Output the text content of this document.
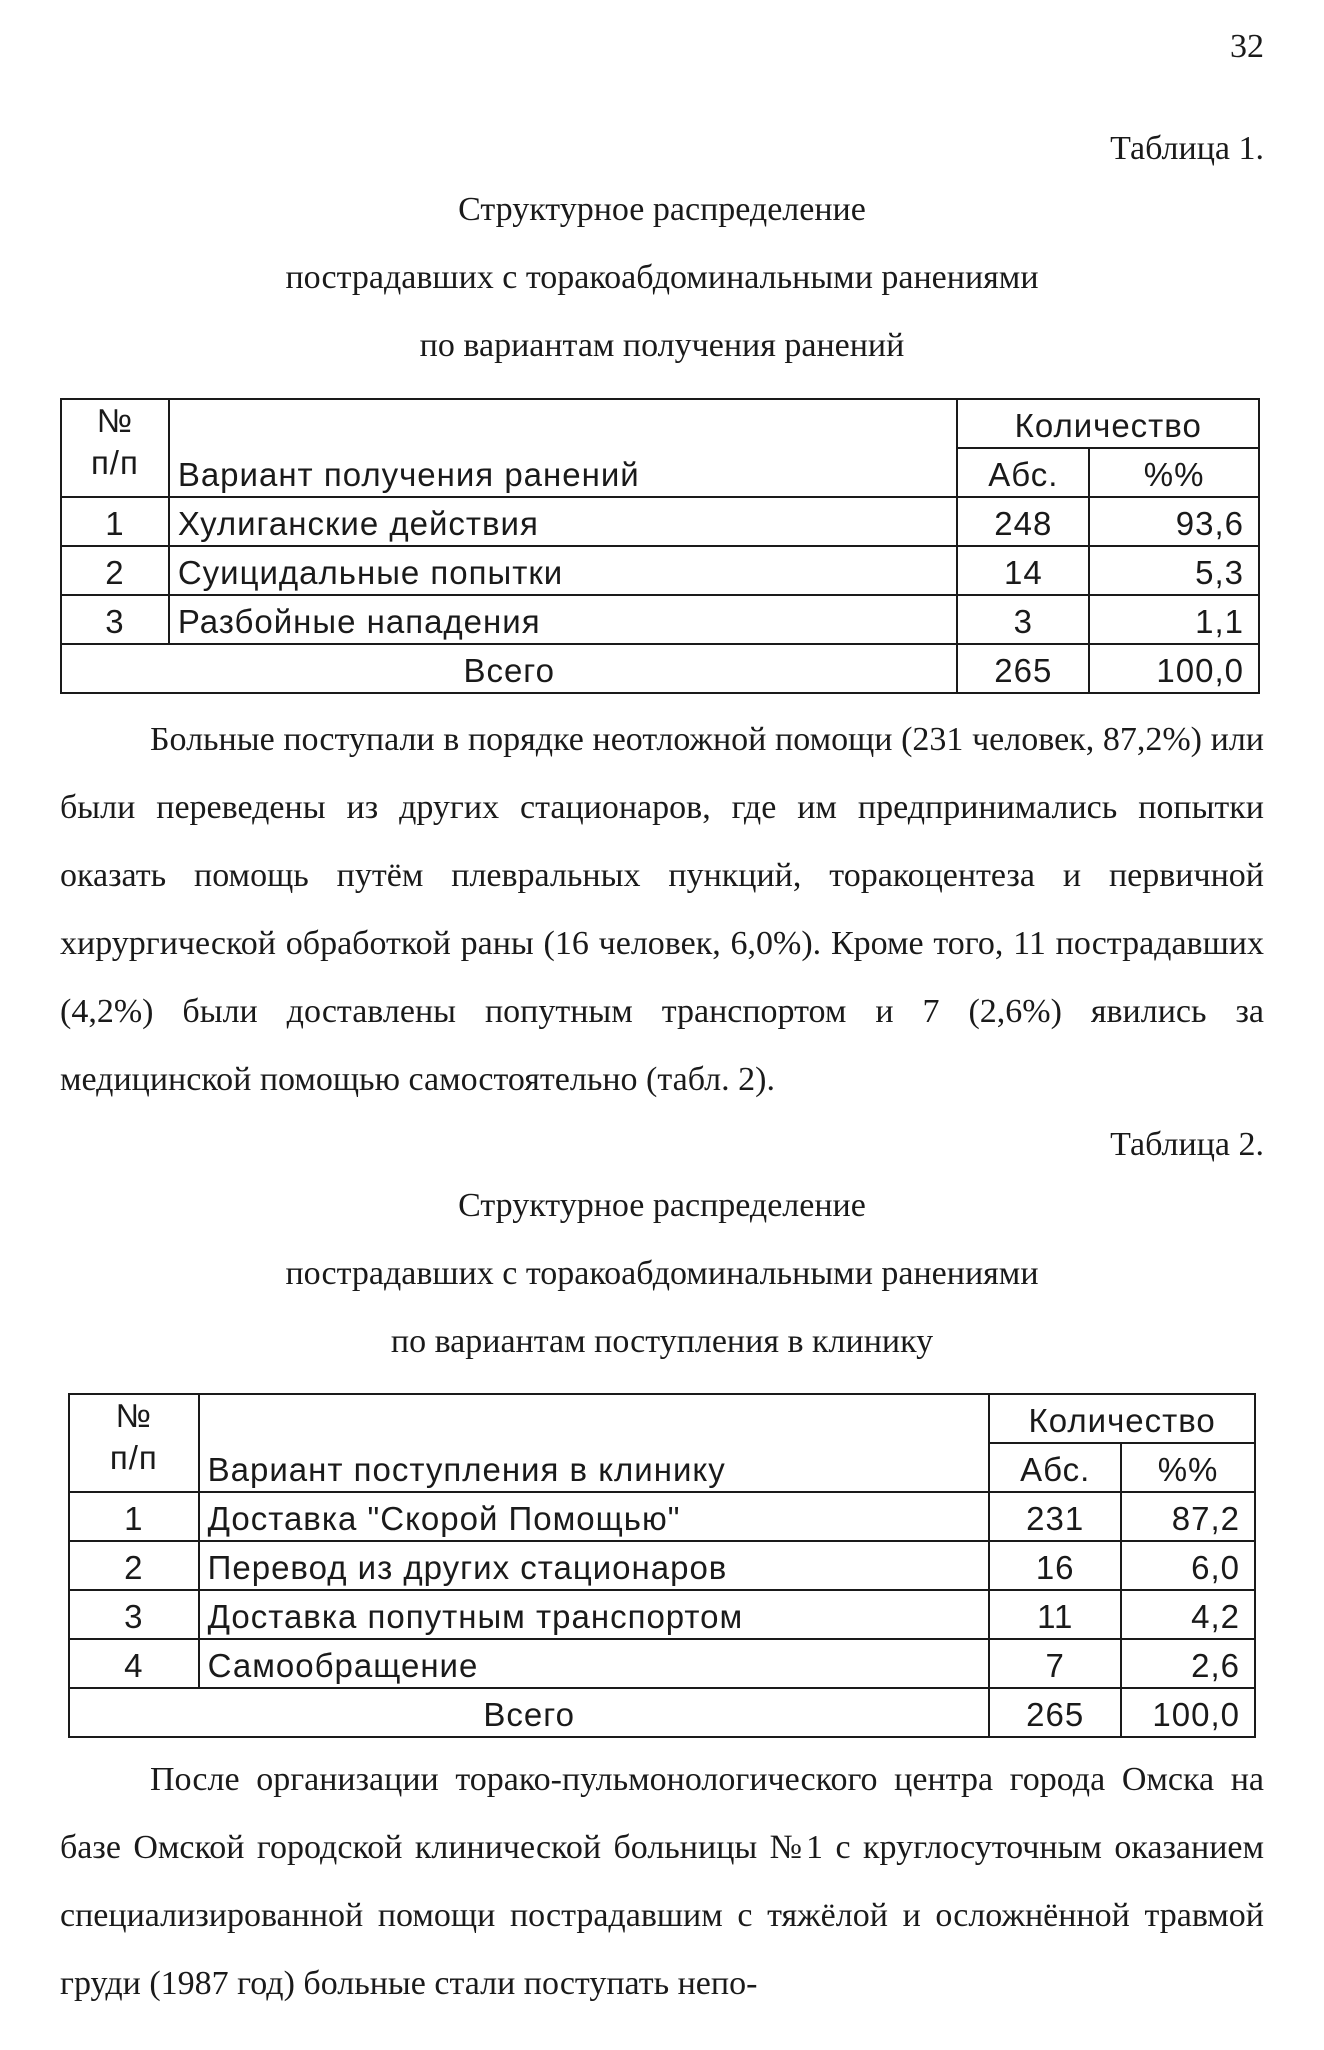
32
Таблица 1.
Структурное распределение
пострадавших с торакоабдоминальными ранениями
по вариантам получения ранений
№
п/п	Вариант получения ранений	Количество	
		Абс.	%%
1	Хулиганские действия	248	93,6
2	Суицидальные попытки	14	5,3
3	Разбойные нападения	3	1,1
Всего		265	100,0

Больные поступали в порядке неотложной помощи (231 человек, 87,2%) или были переведены из других стационаров, где им предпринимались попытки оказать помощь путём плевральных пункций, торакоцентеза и первичной хирургической обработкой раны (16 человек, 6,0%). Кроме того, 11 пострадавших (4,2%) были доставлены попутным транспортом и 7 (2,6%) явились за медицинской помощью самостоятельно (табл. 2).

Таблица 2.
Структурное распределение
пострадавших с торакоабдоминальными ранениями
по вариантам поступления в клинику
№
п/п	Вариант поступления в клинику	Количество	
		Абс.	%%
1	Доставка "Скорой Помощью"	231	87,2
2	Перевод из других стационаров	16	6,0
3	Доставка попутным транспортом	11	4,2
4	Самообращение	7	2,6
Всего		265	100,0

После организации торако-пульмонологического центра города Омска на базе Омской городской клинической больницы №1 с круглосуточным оказанием специализированной помощи пострадавшим с тяжёлой и осложнённой травмой груди (1987 год) больные стали поступать непо-
